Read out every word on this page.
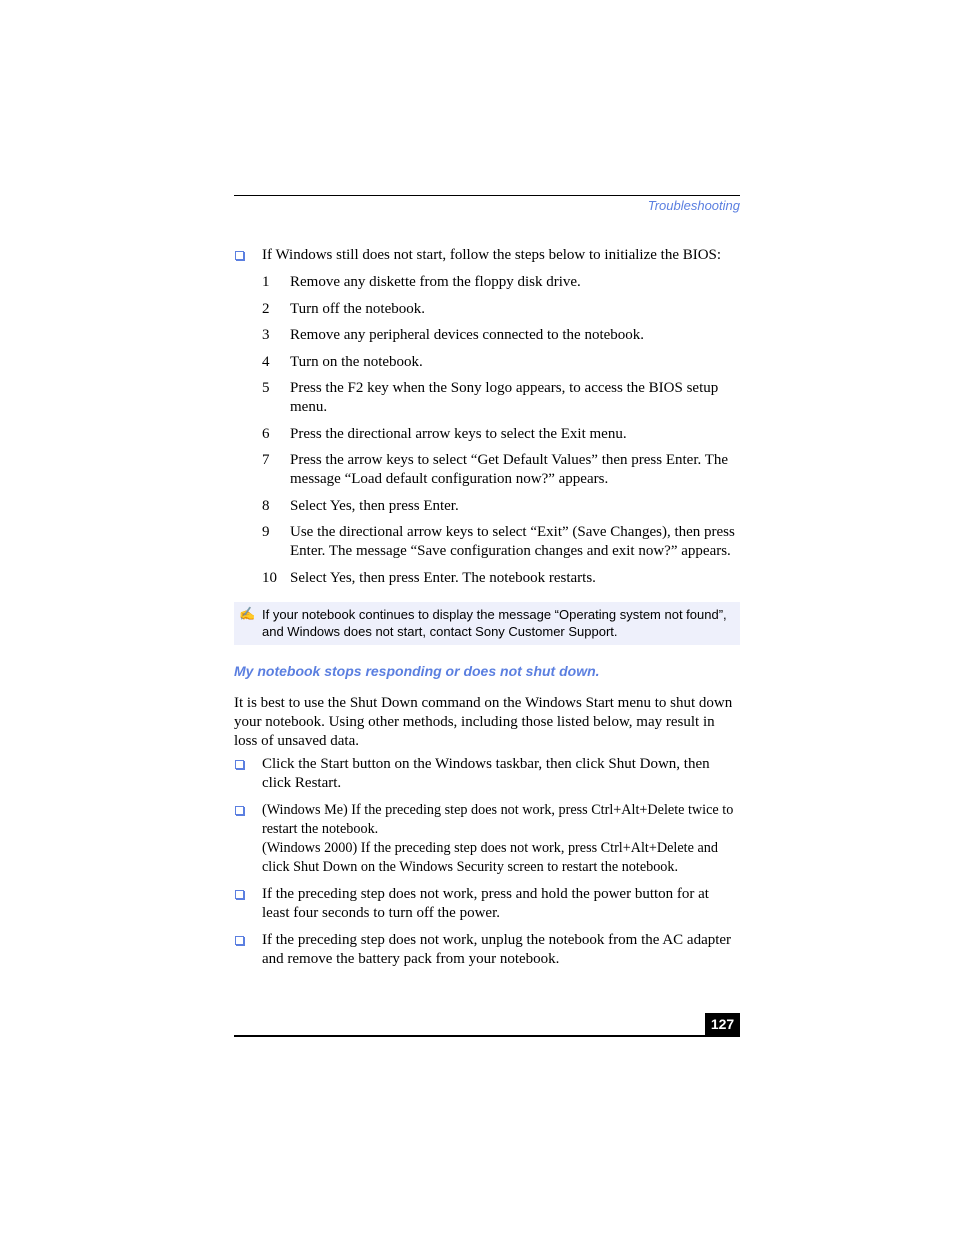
Troubleshooting
If Windows still does not start, follow the steps below to initialize the BIOS:
1 Remove any diskette from the floppy disk drive.
2 Turn off the notebook.
3 Remove any peripheral devices connected to the notebook.
4 Turn on the notebook.
5 Press the F2 key when the Sony logo appears, to access the BIOS setup menu.
6 Press the directional arrow keys to select the Exit menu.
7 Press the arrow keys to select “Get Default Values” then press Enter. The message “Load default configuration now?” appears.
8 Select Yes, then press Enter.
9 Use the directional arrow keys to select “Exit” (Save Changes), then press Enter. The message “Save configuration changes and exit now?” appears.
10 Select Yes, then press Enter. The notebook restarts.
✍ If your notebook continues to display the message “Operating system not found”, and Windows does not start, contact Sony Customer Support.
My notebook stops responding or does not shut down.
It is best to use the Shut Down command on the Windows Start menu to shut down your notebook. Using other methods, including those listed below, may result in loss of unsaved data.
Click the Start button on the Windows taskbar, then click Shut Down, then click Restart.
(Windows Me) If the preceding step does not work, press Ctrl+Alt+Delete twice to restart the notebook.
(Windows 2000) If the preceding step does not work, press Ctrl+Alt+Delete and click Shut Down on the Windows Security screen to restart the notebook.
If the preceding step does not work, press and hold the power button for at least four seconds to turn off the power.
If the preceding step does not work, unplug the notebook from the AC adapter and remove the battery pack from your notebook.
127
